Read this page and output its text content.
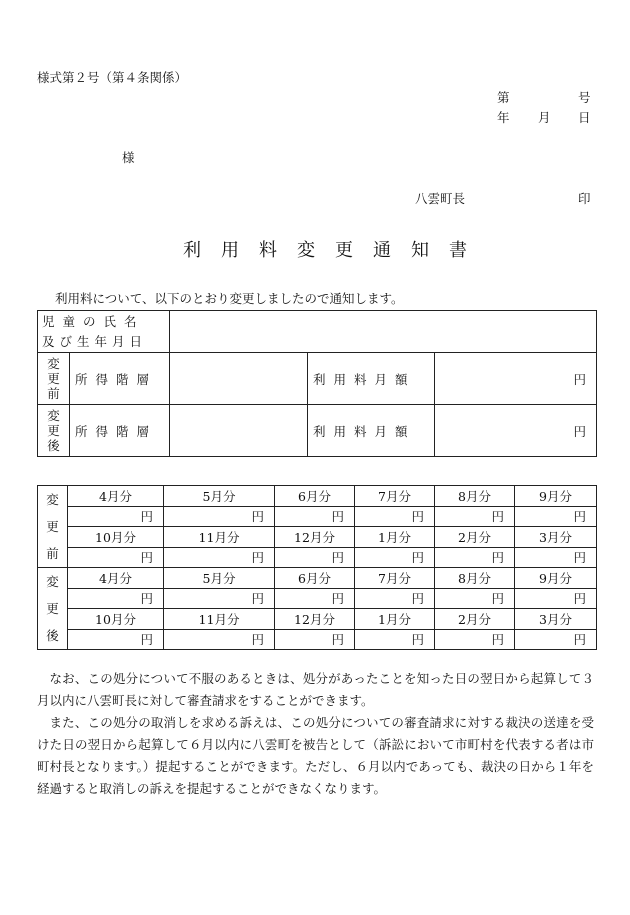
様式第２号（第４条関係）
第	号
年 月 日
様
八雲町長	印
利用料変更通知書
利用料について、以下のとおり変更しましたので通知します。
児童の氏名
及び生年月日				

変
更
前	所得階層		利用料月額	円

変
更
後	所得階層		利用料月額	円
変
更
前	4月分	5月分	6月分	7月分	8月分	9月分
	円	円	円	円	円	円
	10月分	11月分	12月分	1月分	2月分	3月分
	円	円	円	円	円	円

変
更
後	4月分	5月分	6月分	7月分	8月分	9月分
	円	円	円	円	円	円
	10月分	11月分	12月分	1月分	2月分	3月分
	円	円	円	円	円	円

なお、この処分について不服のあるときは、処分があったことを知った日の翌日から起算して３月以内に八雲町長に対して審査請求をすることができます。

また、この処分の取消しを求める訴えは、この処分についての審査請求に対する裁決の送達を受けた日の翌日から起算して６月以内に八雲町を被告として（訴訟において市町村を代表する者は市町村長となります。）提起することができます。ただし、６月以内であっても、裁決の日から１年を経過すると取消しの訴えを提起することができなくなります。
